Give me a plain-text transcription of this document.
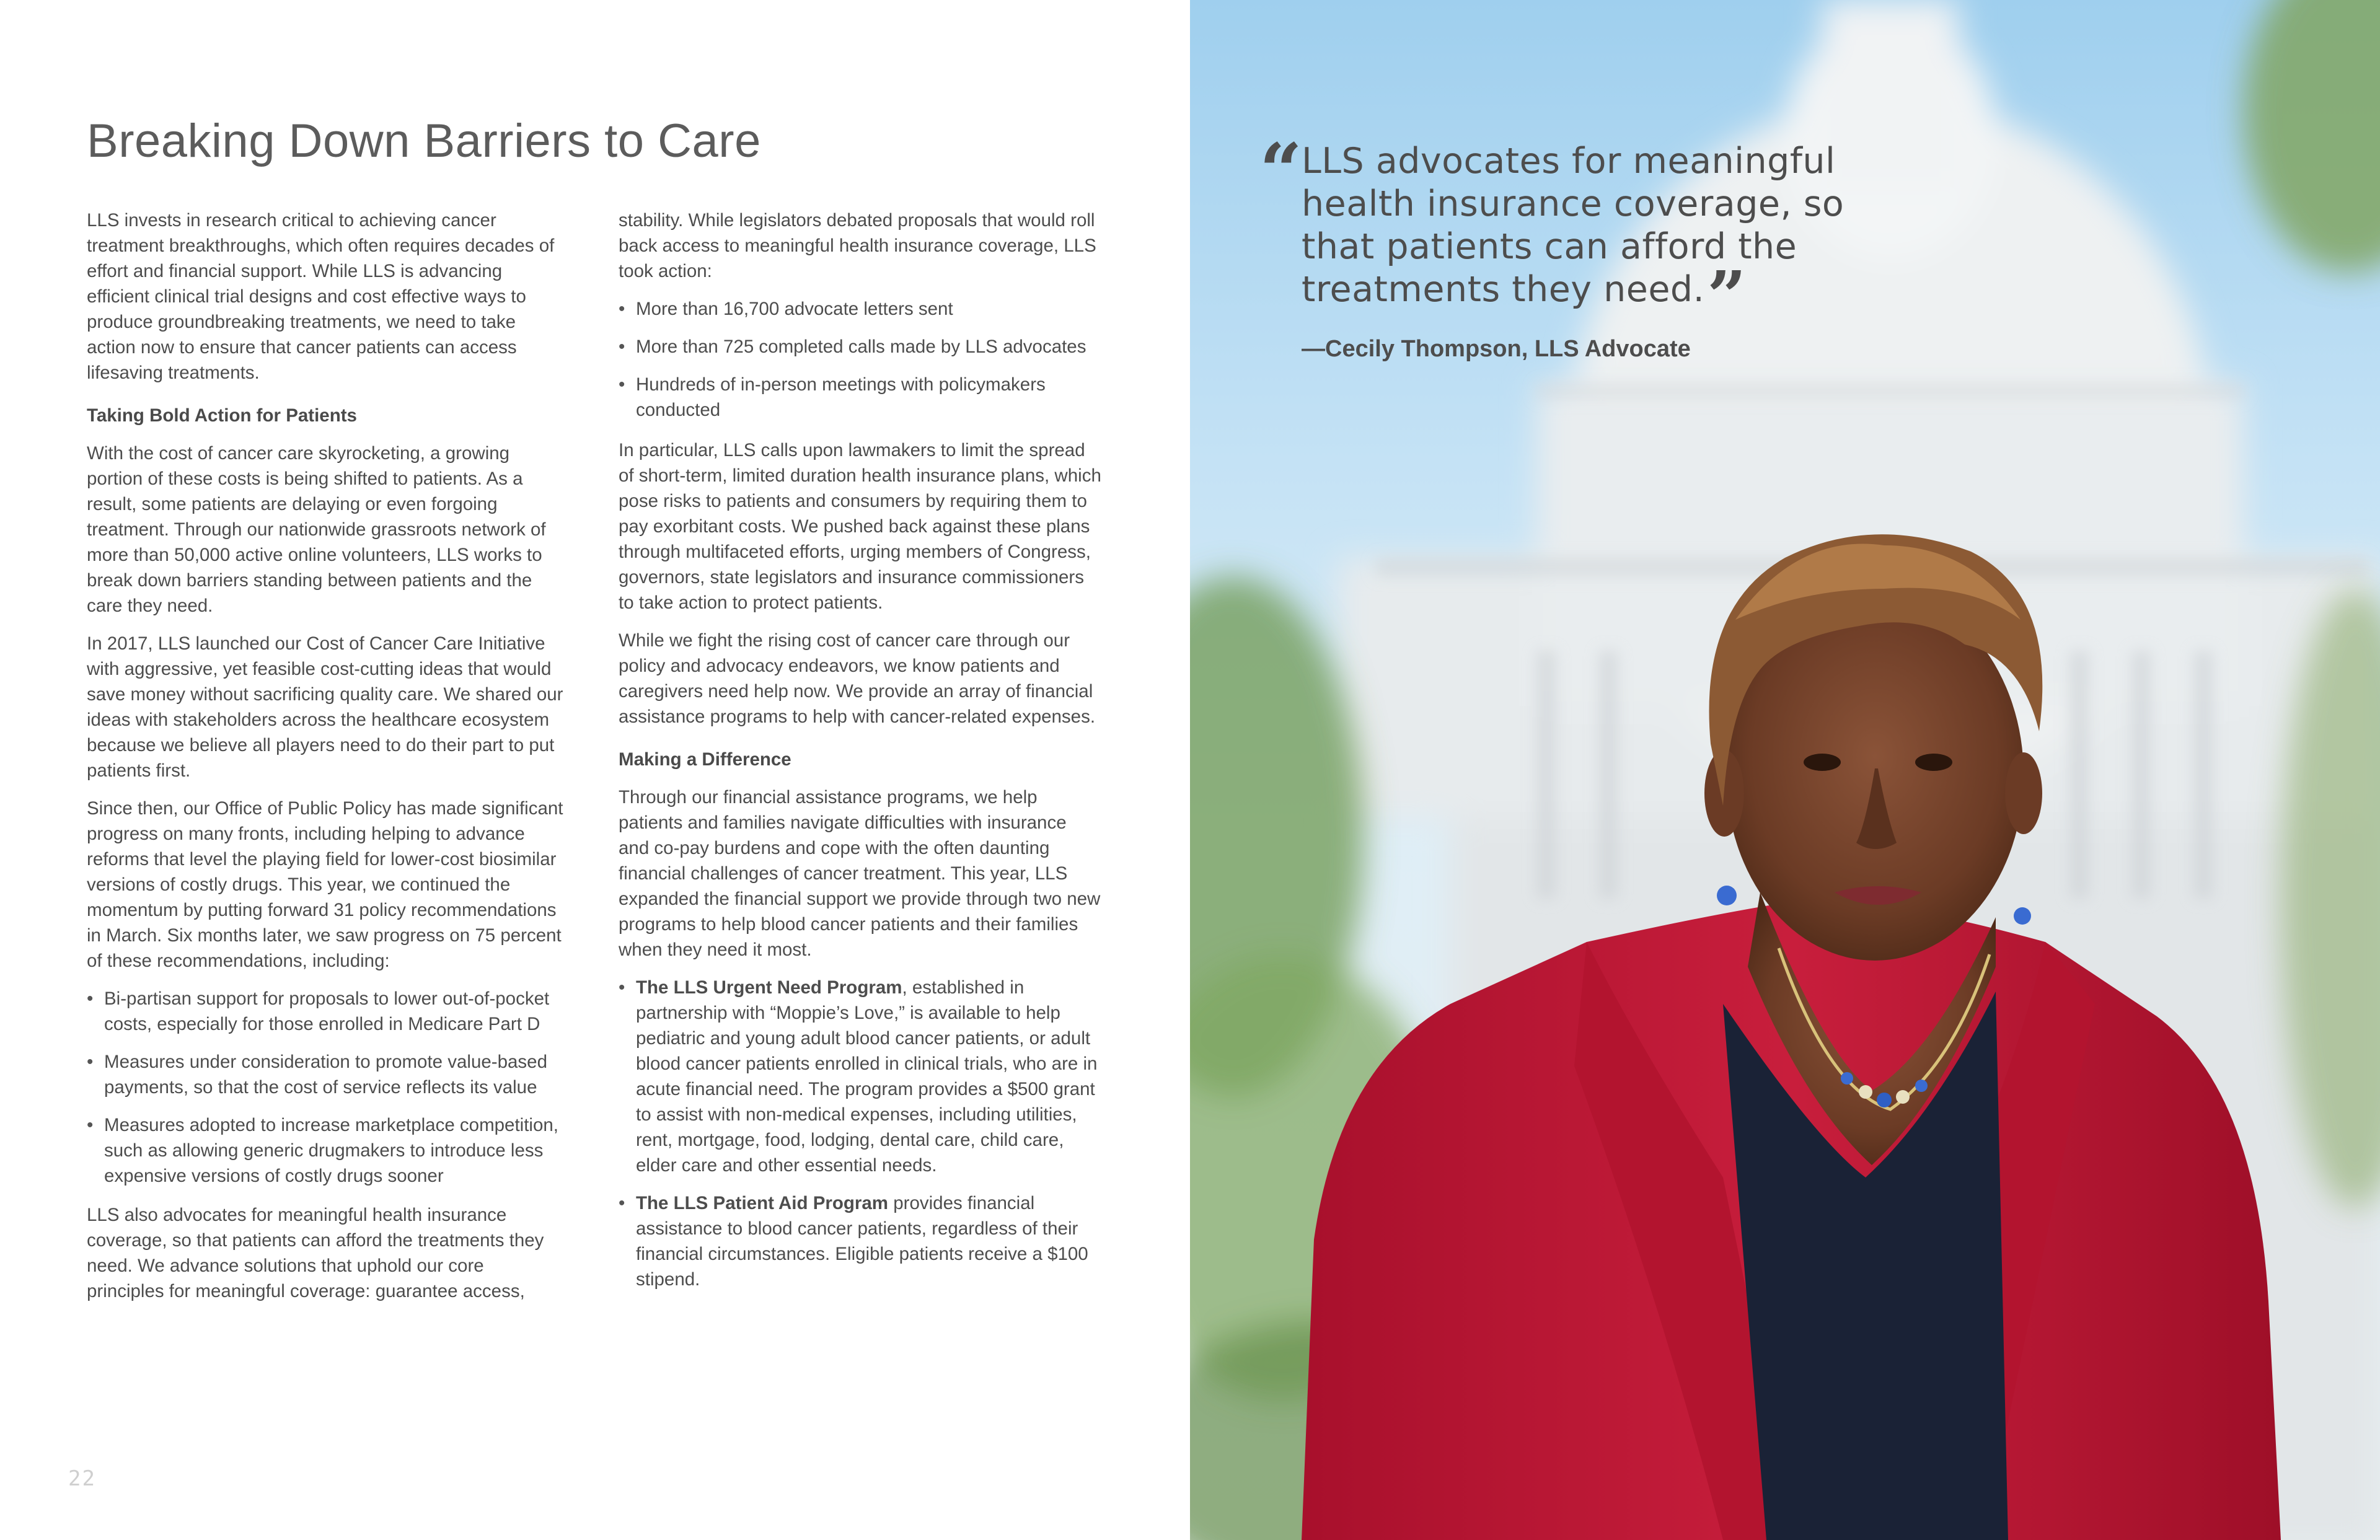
Breaking Down Barriers to Care

LLS invests in research critical to achieving cancer treatment breakthroughs, which often requires decades of effort and financial support. While LLS is advancing efficient clinical trial designs and cost effective ways to produce groundbreaking treatments, we need to take action now to ensure that cancer patients can access lifesaving treatments.

Taking Bold Action for Patients

With the cost of cancer care skyrocketing, a growing portion of these costs is being shifted to patients. As a result, some patients are delaying or even forgoing treatment. Through our nationwide grassroots network of more than 50,000 active online volunteers, LLS works to break down barriers standing between patients and the care they need.

In 2017, LLS launched our Cost of Cancer Care Initiative with aggressive, yet feasible cost-cutting ideas that would save money without sacrificing quality care. We shared our ideas with stakeholders across the healthcare ecosystem because we believe all players need to do their part to put patients first.

Since then, our Office of Public Policy has made significant progress on many fronts, including helping to advance reforms that level the playing field for lower-cost biosimilar versions of costly drugs. This year, we continued the momentum by putting forward 31 policy recommendations in March. Six months later, we saw progress on 75 percent of these recommendations, including:

• Bi-partisan support for proposals to lower out-of-pocket costs, especially for those enrolled in Medicare Part D
• Measures under consideration to promote value-based payments, so that the cost of service reflects its value
• Measures adopted to increase marketplace competition, such as allowing generic drugmakers to introduce less expensive versions of costly drugs sooner

LLS also advocates for meaningful health insurance coverage, so that patients can afford the treatments they need. We advance solutions that uphold our core principles for meaningful coverage: guarantee access,

stability. While legislators debated proposals that would roll back access to meaningful health insurance coverage, LLS took action:

• More than 16,700 advocate letters sent
• More than 725 completed calls made by LLS advocates
• Hundreds of in-person meetings with policymakers conducted

In particular, LLS calls upon lawmakers to limit the spread of short-term, limited duration health insurance plans, which pose risks to patients and consumers by requiring them to pay exorbitant costs. We pushed back against these plans through multifaceted efforts, urging members of Congress, governors, state legislators and insurance commissioners to take action to protect patients.

While we fight the rising cost of cancer care through our policy and advocacy endeavors, we know patients and caregivers need help now. We provide an array of financial assistance programs to help with cancer-related expenses.

Making a Difference

Through our financial assistance programs, we help patients and families navigate difficulties with insurance and co-pay burdens and cope with the often daunting financial challenges of cancer treatment. This year, LLS expanded the financial support we provide through two new programs to help blood cancer patients and their families when they need it most.

• The LLS Urgent Need Program, established in partnership with “Moppie’s Love,” is available to help pediatric and young adult blood cancer patients, or adult blood cancer patients enrolled in clinical trials, who are in acute financial need. The program provides a $500 grant to assist with non-medical expenses, including utilities, rent, mortgage, food, lodging, dental care, child care, elder care and other essential needs.
• The LLS Patient Aid Program provides financial assistance to blood cancer patients, regardless of their financial circumstances. Eligible patients receive a $100 stipend.
22
“

LLS advocates for meaningful health insurance coverage, so that patients can afford the treatments they need.”

—Cecily Thompson, LLS Advocate
